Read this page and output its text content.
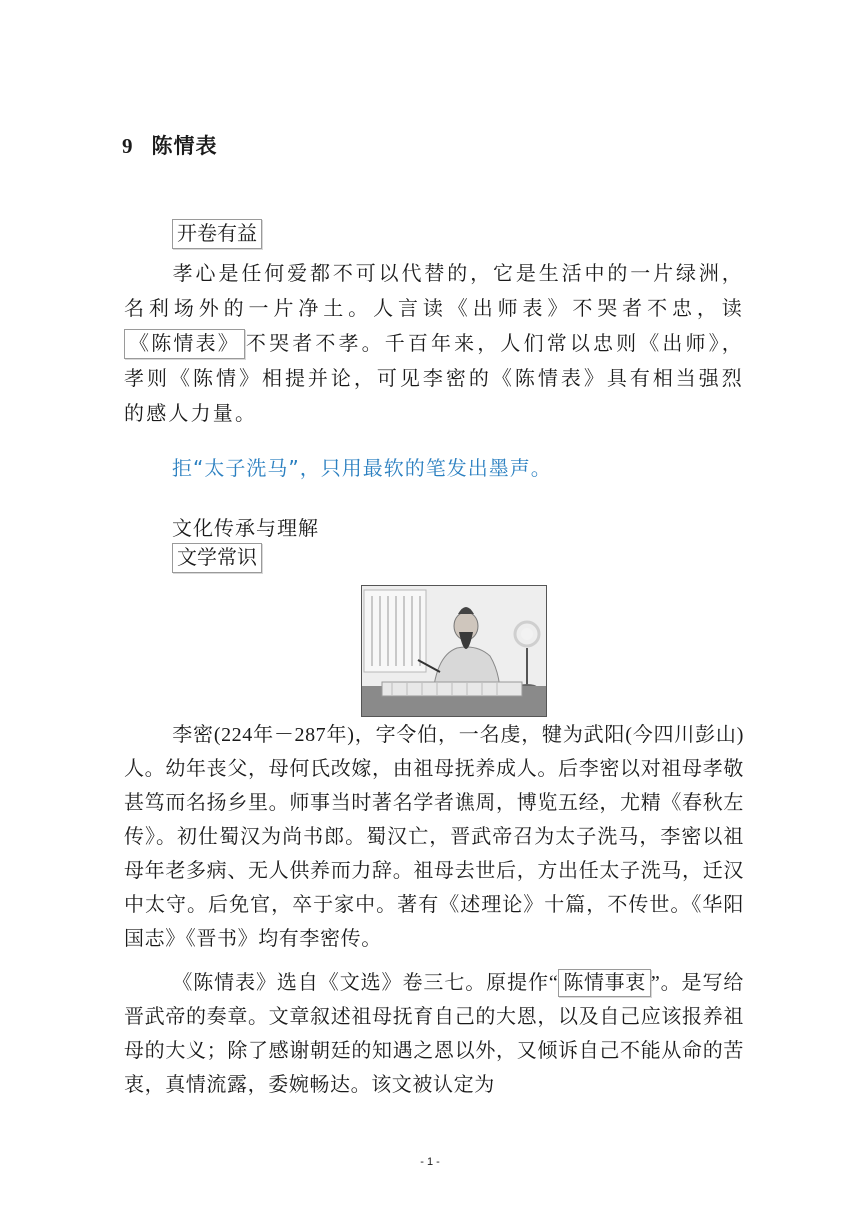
9 陈情表
开卷有益
孝心是任何爱都不可以代替的，它是生活中的一片绿洲，名利场外的一片净土。人言读《出师表》不哭者不忠，读《陈情表》 不哭者不孝。千百年来，人们常以忠则《出师》，孝则《陈情》相提并论，可见李密的《陈情表》具有相当强烈的感人力量。
拒“太子洗马”，只用最软的笔发出墨声。
文化传承与理解
文学常识
李密(224年－287年)，字令伯，一名虔，犍为武阳(今四川彭山)人。幼年丧父，母何氏改嫁，由祖母抚养成人。后李密以对祖母孝敬甚笃而名扬乡里。师事当时著名学者谯周，博览五经，尤精《春秋左传》。初仕蜀汉为尚书郎。蜀汉亡，晋武帝召为太子洗马，李密以祖母年老多病、无人供养而力辞。祖母去世后，方出任太子洗马，迁汉中太守。后免官，卒于家中。著有《述理论》十篇，不传世。《华阳国志》《晋书》均有李密传。
《陈情表》选自《文选》卷三七。原提作“ 陈情事衷 ”。是写给晋武帝的奏章。文章叙述祖母抚育自己的大恩，以及自己应该报养祖母的大义；除了感谢朝廷的知遇之恩以外，又倾诉自己不能从命的苦衷，真情流露，委婉畅达。该文被认定为
- 1 -
